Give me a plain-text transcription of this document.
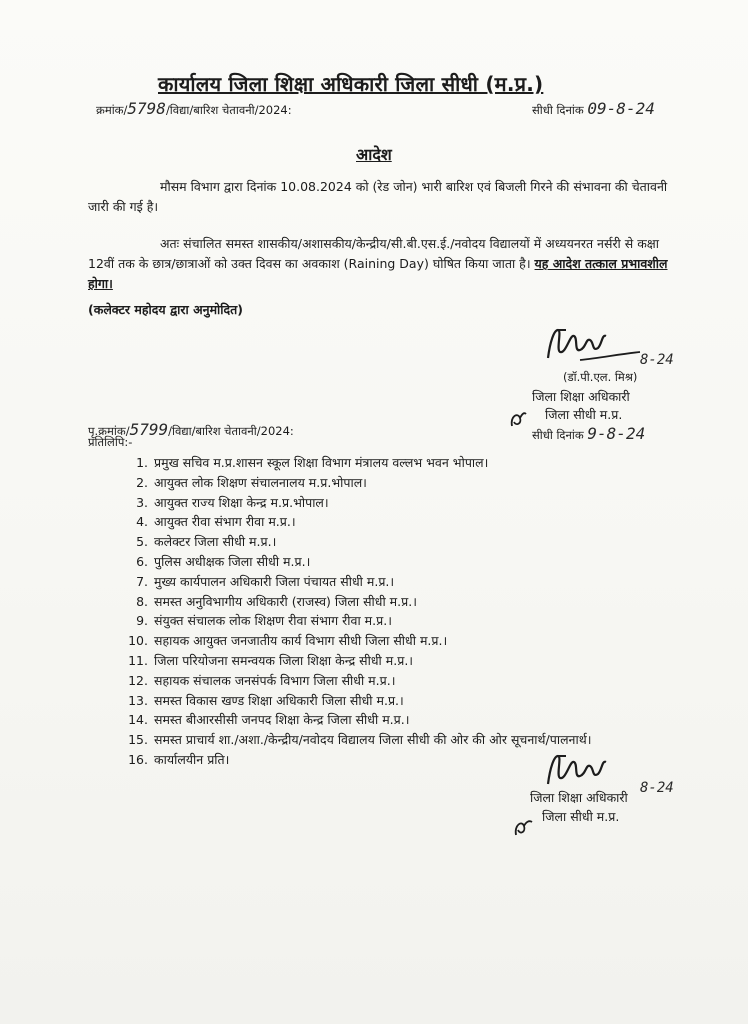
कार्यालय जिला शिक्षा अधिकारी जिला सीधी (म.प्र.)
क्रमांक/5798/विद्या/बारिश चेतावनी/2024:	सीधी दिनांक 09-8-24
आदेश
मौसम विभाग द्वारा दिनांक 10.08.2024 को (रेड जोन) भारी बारिश एवं बिजली गिरने की संभावना की चेतावनी जारी की गई है।
अतः संचालित समस्त शासकीय/अशासकीय/केन्द्रीय/सी.बी.एस.ई./नवोदय विद्यालयों में अध्ययनरत नर्सरी से कक्षा 12वीं तक के छात्र/छात्राओं को उक्त दिवस का अवकाश (Raining Day) घोषित किया जाता है। यह आदेश तत्काल प्रभावशील होगा।
(कलेक्टर महोदय द्वारा अनुमोदित)
8-24
(डॉ.पी.एल. मिश्र)
जिला शिक्षा अधिकारी
जिला सीधी म.प्र.
पृ.क्रमांक/5799/विद्या/बारिश चेतावनी/2024:	सीधी दिनांक 9-8-24
प्रतिलिपि:-
1. प्रमुख सचिव म.प्र.शासन स्कूल शिक्षा विभाग मंत्रालय वल्लभ भवन भोपाल।
2. आयुक्त लोक शिक्षण संचालनालय म.प्र.भोपाल।
3. आयुक्त राज्य शिक्षा केन्द्र म.प्र.भोपाल।
4. आयुक्त रीवा संभाग रीवा म.प्र.।
5. कलेक्टर जिला सीधी म.प्र.।
6. पुलिस अधीक्षक जिला सीधी म.प्र.।
7. मुख्य कार्यपालन अधिकारी जिला पंचायत सीधी म.प्र.।
8. समस्त अनुविभागीय अधिकारी (राजस्व) जिला सीधी म.प्र.।
9. संयुक्त संचालक लोक शिक्षण रीवा संभाग रीवा म.प्र.।
10. सहायक आयुक्त जनजातीय कार्य विभाग सीधी जिला सीधी म.प्र.।
11. जिला परियोजना समन्वयक जिला शिक्षा केन्द्र सीधी म.प्र.।
12. सहायक संचालक जनसंपर्क विभाग जिला सीधी म.प्र.।
13. समस्त विकास खण्ड शिक्षा अधिकारी जिला सीधी म.प्र.।
14. समस्त बीआरसीसी जनपद शिक्षा केन्द्र जिला सीधी म.प्र.।
15. समस्त प्राचार्य शा./अशा./केन्द्रीय/नवोदय विद्यालय जिला सीधी की ओर की ओर सूचनार्थ/पालनार्थ।
16. कार्यालयीन प्रति।
8-24
जिला शिक्षा अधिकारी
जिला सीधी म.प्र.
